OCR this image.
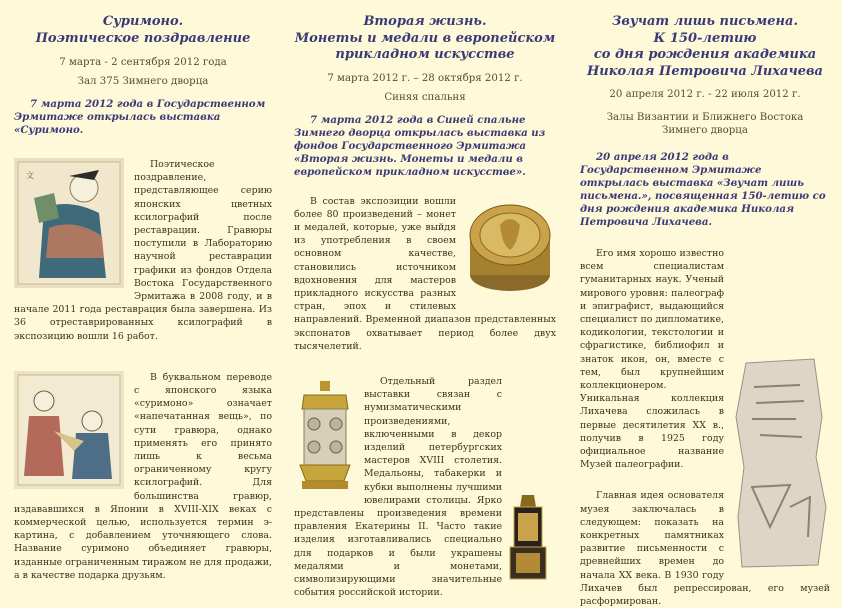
Суримоно.
Поэтическое поздравление

7 марта - 2 сентября 2012 года

Зал 375 Зимнего дворца

7 марта 2012 года в Государственном Эрмитаже открылась выставка «Суримоно.

文

Поэтическое поздравление, представляющее серию японских цветных ксилографий после реставрации. Гравюры поступили в Лабораторию научной реставрации графики из фондов Отдела Востока Государственного Эрмитажа в 2008 году, и в начале 2011 года реставрация была завершена. Из 36 отреставрированных ксилографий в экспозицию вошли 16 работ.

В буквальном переводе с японского языка «суримоно» означает «напечатанная вещь», по сути гравюра, однако применять его принято лишь к весьма ограниченному кругу ксилографий. Для большинства гравюр, издававшихся в Японии в XVIII-XIX веках с коммерческой целью, используется термин э-картина, с добавлением уточняющего слова. Название суримоно объединяет гравюры, изданные ограниченным тиражом не для продажи, а в качестве подарка друзьям.

Вторая жизнь.
Монеты и медали в европейском прикладном искусстве

7 марта 2012 г. – 28 октября 2012 г.

Синяя спальня

7 марта 2012 года в Синей спальне Зимнего дворца открылась выставка из фондов Государственного Эрмитажа «Вторая жизнь. Монеты и медали в европейском прикладном искусстве».

В состав экспозиции вошли более 80 произведений – монет и медалей, которые, уже выйдя из употребления в своем основном качестве, становились источником вдохновения для мастеров прикладного искусства разных стран, эпох и стилевых направлений. Временной диапазон представленных экспонатов охватывает период более двух тысячелетий.

Отдельный раздел выставки связан с нумизматическими произведениями, включенными в декор изделий петербургских мастеров XVIII столетия. Медальоны, табакерки и кубки выполнены лучшими ювелирами столицы. Ярко представлены произведения времени правления Екатерины II. Часто такие изделия изготавливались специально для подарков и были украшены медалями и монетами, символизирующими значительные события российской истории.

Звучат лишь письмена.
К 150-летию
со дня рождения академика
Николая Петровича Лихачева

20 апреля 2012 г. - 22 июля 2012 г.

Залы Византии и Ближнего Востока
Зимнего дворца

20 апреля 2012 года в Государственном Эрмитаже открылась выставка «Звучат лишь письмена.», посвященная 150-летию со дня рождения академика Николая Петровича Лихачева.

Его имя хорошо известно всем специалистам гуманитарных наук. Ученый мирового уровня: палеограф и эпиграфист, выдающийся специалист по дипломатике, кодикологии, текстологии и сфрагистике, библиофил и знаток икон, он, вместе с тем, был крупнейшим коллекционером. Уникальная коллекция Лихачева сложилась в первые десятилетия XX в., получив в 1925 году официальное название Музей палеографии.

Главная идея основателя музея заключалась в следующем: показать на конкретных памятниках развитие письменности с древнейших времен до начала XX века. В 1930 году Лихачев был репрессирован, его музей расформирован.
